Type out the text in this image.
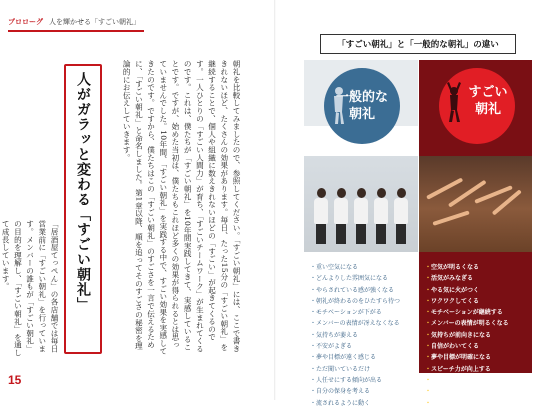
プロローグ 人を輝かせる「すごい朝礼」
朝礼を比較してみましたので、参照してください。「すごい朝礼」には、ここで書ききれないほど、たくさんの効果があります。毎日、たった15分の「すごい朝礼」を継続することで、個人や組織に数えきれないほどの「すごい」が起きてくるのです。一人ひとりの「すごい人間力」が育ち、「すごいチームワーク」が生まれてくるのです。これは、僕たちが「すごい朝礼」を10年間実践してきて、実感していることです。ですが、始めた当初は、僕たちもこれほど多くの効果が得られるとは思っていませんでした。10年間、「すごい朝礼」を実践する中で、すごい効果を実感してきたのです。ですから、僕たちはこの「すごい朝礼」のすごさを一言で伝えるために、「すごい朝礼」と命名しました。第1章以降、順を追ってそのすごさの秘密を理論的にお伝えしていきます。
人がガラッと変わる「すごい朝礼」
「居酒屋てっぺん」の各店舗では毎日営業前に「すごい朝礼」を行っています。メンバーの誰もが「すごい朝礼」の目的を理解し、「すごい朝礼」を通して成長しています。
15
「すごい朝礼」と「一般的な朝礼」の違い
一般的な
朝礼
・ 重い空気になる
・ どんよりした雰囲気になる
・ やらされている感が強くなる
・ 朝礼が終わるのをひたすら待つ
・ モチベーションが下がる
・ メンバーの表情が冴えなくなる
・ 気持ちが萎える
・ 不安がよぎる
・ 夢や目標が遠く感じる
・ ただ聞いているだけ
・ 人任せにする傾向が出る
・ 自分の保身を考える
・ 流されるように動く
すごい
朝礼
・ 空気が明るくなる
・ 活気がみなぎる
・ やる気に火がつく
・ ワクワクしてくる
・ モチベーションが継続する
・ メンバーの表情が明るくなる
・ 気持ちが前向きになる
・ 自信がわいてくる
・ 夢や目標が明確になる
・ スピーチ力が向上する
・ チームワークが良くなる
・ 責任感が強くなる
・ 働くことの意義と価値を高める
